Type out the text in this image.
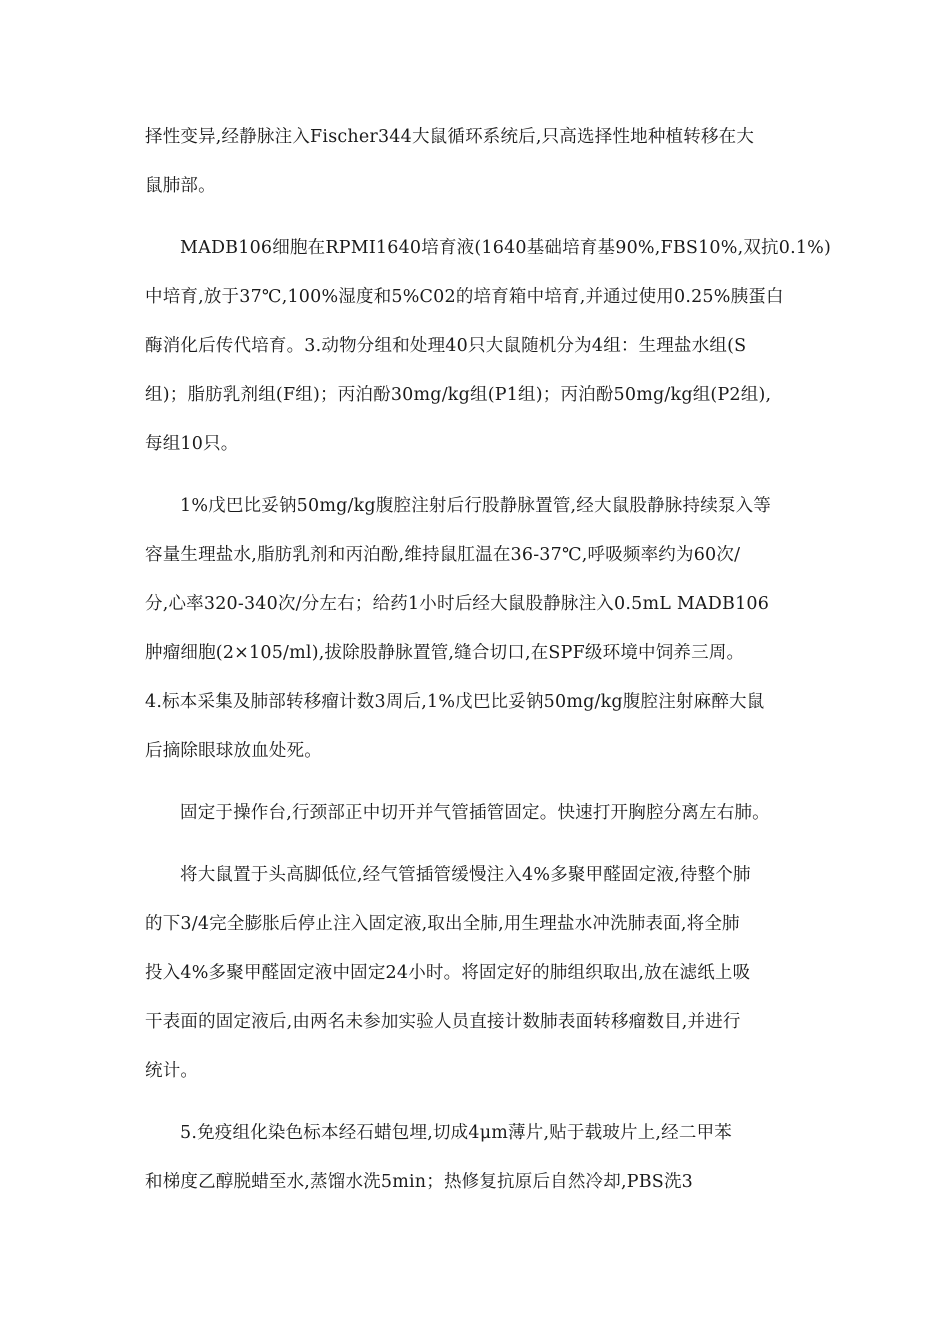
择性变异,经静脉注入Fischer344大鼠循环系统后,只高选择性地种植转移在大
鼠肺部。
MADB106细胞在RPMI1640培育液(1640基础培育基90%,FBS10%,双抗0.1%)
中培育,放于37℃,100%湿度和5%C02的培育箱中培育,并通过使用0.25%胰蛋白
酶消化后传代培育。3.动物分组和处理40只大鼠随机分为4组：生理盐水组(S
组)；脂肪乳剂组(F组)；丙泊酚30mg/kg组(P1组)；丙泊酚50mg/kg组(P2组),
每组10只。
1%戊巴比妥钠50mg/kg腹腔注射后行股静脉置管,经大鼠股静脉持续泵入等
容量生理盐水,脂肪乳剂和丙泊酚,维持鼠肛温在36-37℃,呼吸频率约为60次/
分,心率320-340次/分左右；给药1小时后经大鼠股静脉注入0.5mL MADB106
肿瘤细胞(2×105/ml),拔除股静脉置管,缝合切口,在SPF级环境中饲养三周。
4.标本采集及肺部转移瘤计数3周后,1%戊巴比妥钠50mg/kg腹腔注射麻醉大鼠
后摘除眼球放血处死。
固定于操作台,行颈部正中切开并气管插管固定。快速打开胸腔分离左右肺。
将大鼠置于头高脚低位,经气管插管缓慢注入4%多聚甲醛固定液,待整个肺
的下3/4完全膨胀后停止注入固定液,取出全肺,用生理盐水冲洗肺表面,将全肺
投入4%多聚甲醛固定液中固定24小时。将固定好的肺组织取出,放在滤纸上吸
干表面的固定液后,由两名未参加实验人员直接计数肺表面转移瘤数目,并进行
统计。
5.免疫组化染色标本经石蜡包埋,切成4μm薄片,贴于载玻片上,经二甲苯
和梯度乙醇脱蜡至水,蒸馏水洗5min；热修复抗原后自然冷却,PBS洗3
